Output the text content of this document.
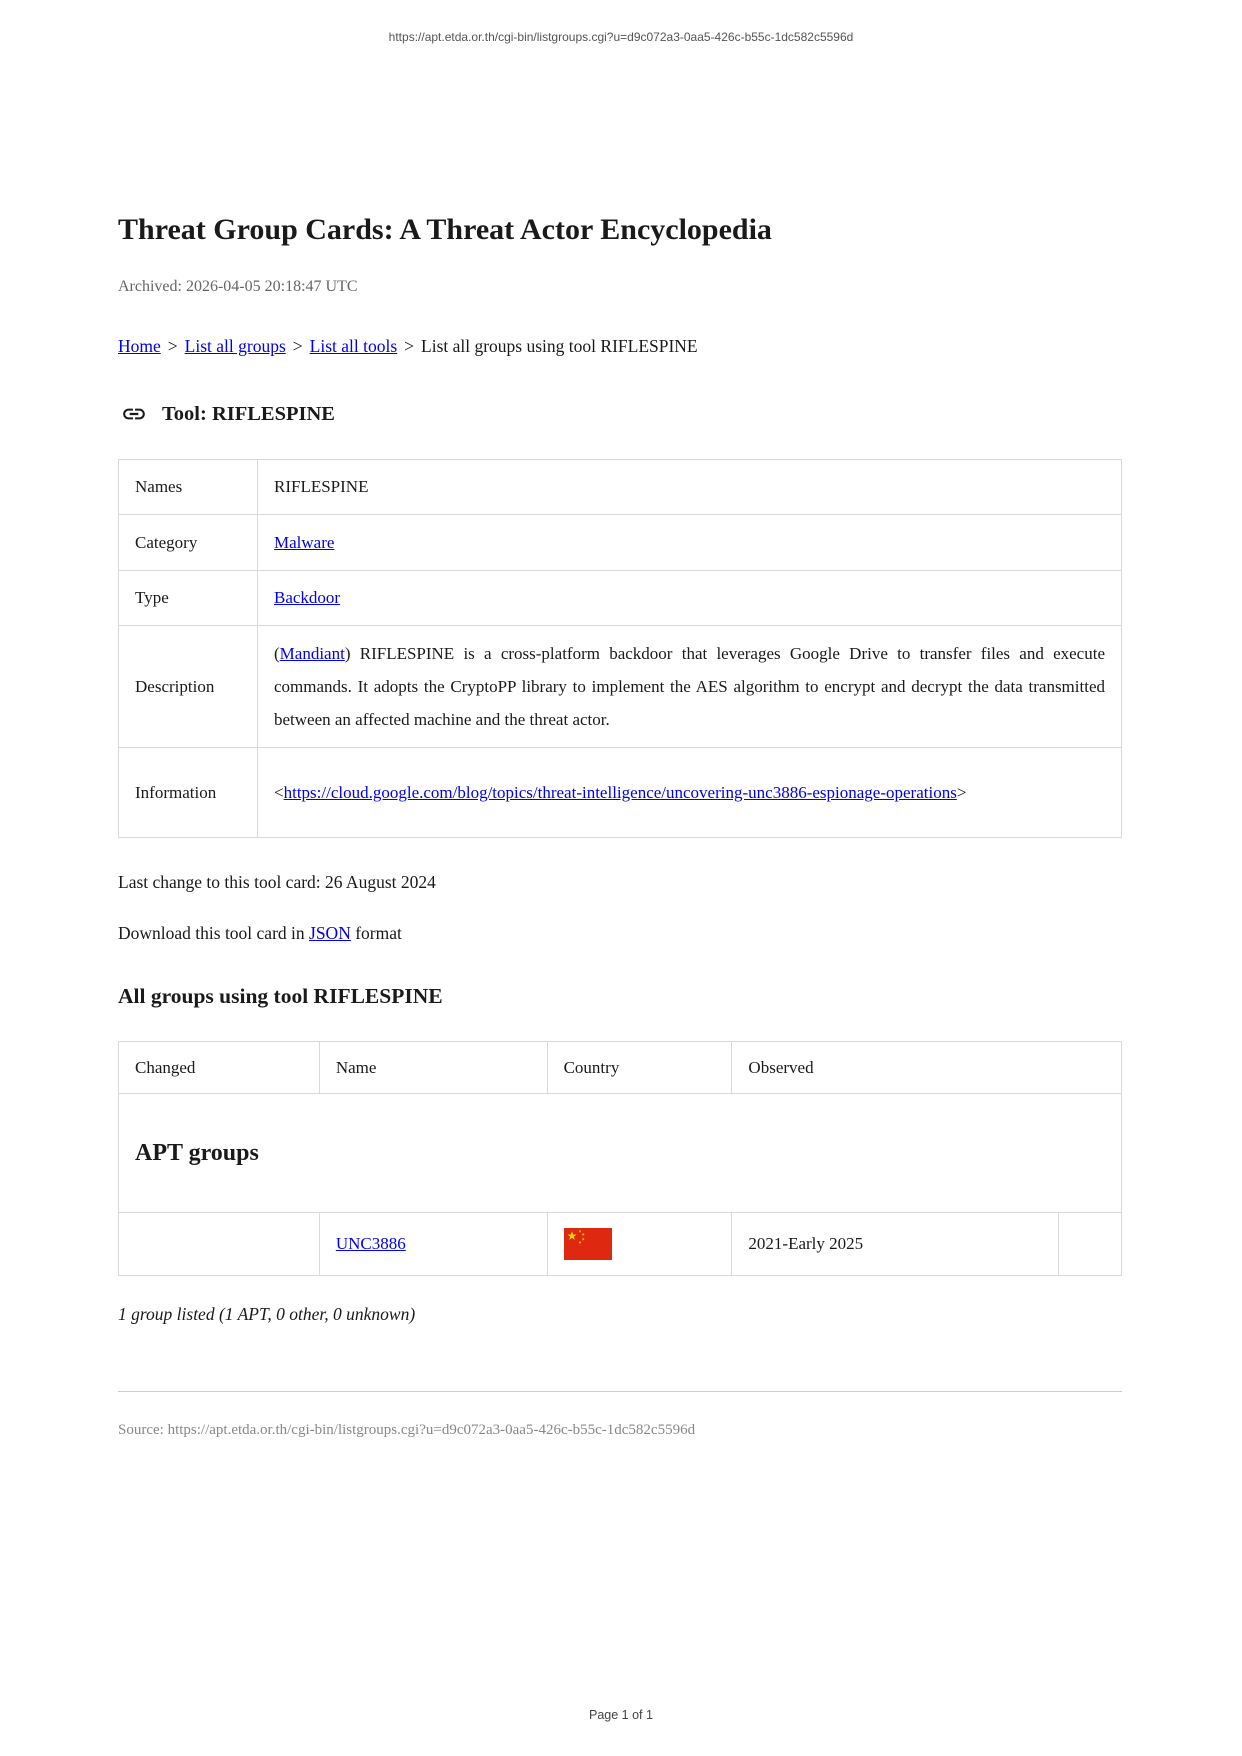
https://apt.etda.or.th/cgi-bin/listgroups.cgi?u=d9c072a3-0aa5-426c-b55c-1dc582c5596d
Threat Group Cards: A Threat Actor Encyclopedia
Archived: 2026-04-05 20:18:47 UTC
Home > List all groups > List all tools > List all groups using tool RIFLESPINE
Tool: RIFLESPINE
Names	RIFLESPINE
Category	Malware
Type	Backdoor
Description	(Mandiant) RIFLESPINE is a cross-platform backdoor that leverages Google Drive to transfer files and execute commands. It adopts the CryptoPP library to implement the AES algorithm to encrypt and decrypt the data transmitted between an affected machine and the threat actor.
Information	<https://cloud.google.com/blog/topics/threat-intelligence/uncovering-unc3886-espionage-operations>
Last change to this tool card: 26 August 2024
Download this tool card in JSON format
All groups using tool RIFLESPINE
Changed	Name	Country	Observed	
APT groups				
	UNC3886		2021-Early 2025	
1 group listed (1 APT, 0 other, 0 unknown)
Source: https://apt.etda.or.th/cgi-bin/listgroups.cgi?u=d9c072a3-0aa5-426c-b55c-1dc582c5596d
Page 1 of 1
